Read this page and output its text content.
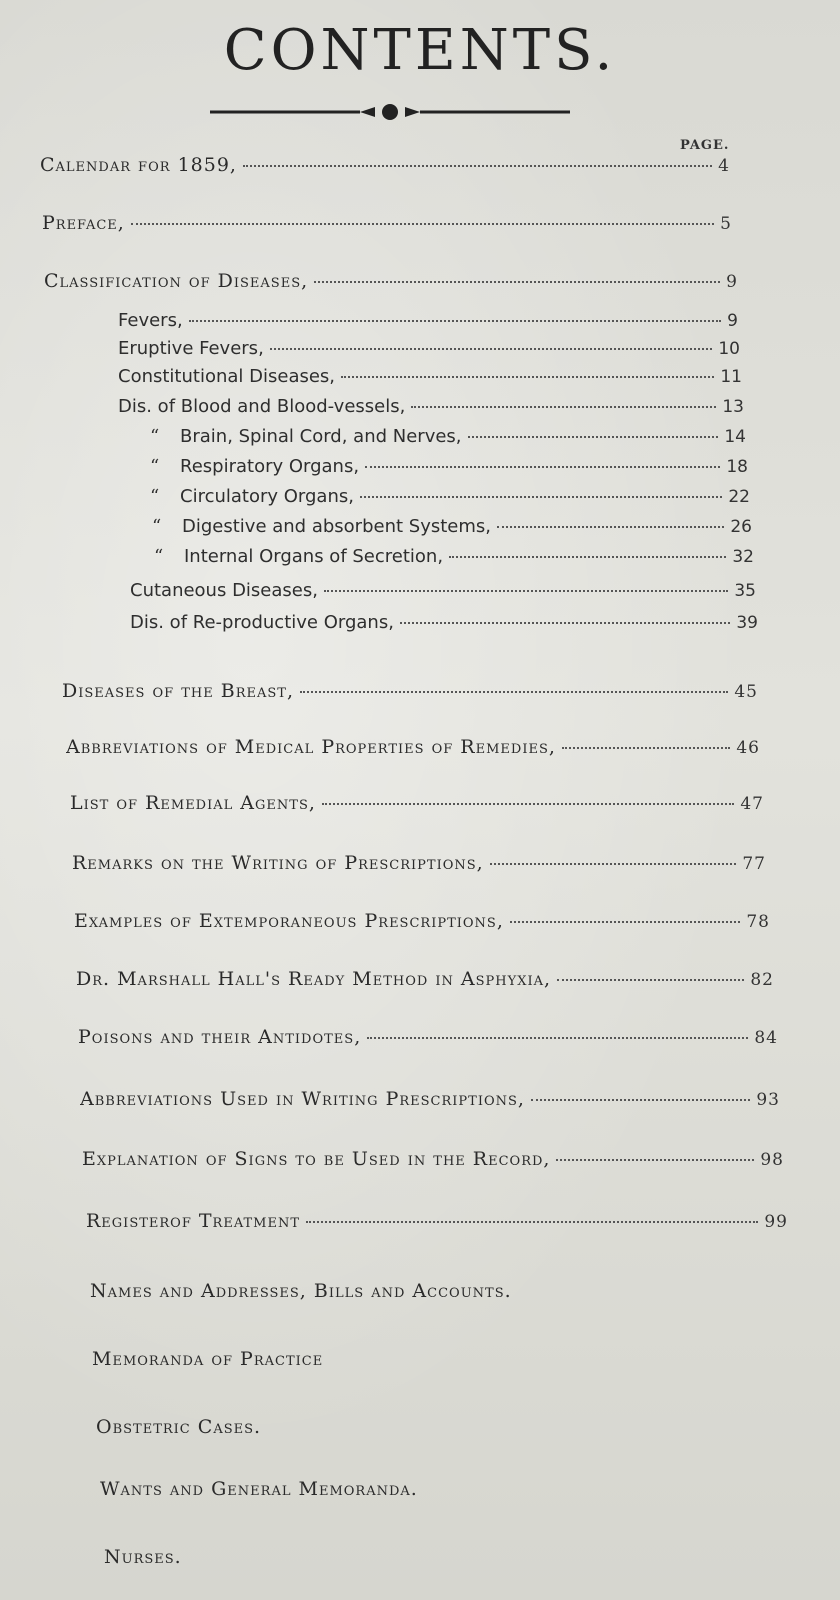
CONTENTS.
PAGE.
Calendar for 1859,	4
Preface,	5
Classification of Diseases,	9
Fevers,	9
Eruptive Fevers,	10
Constitutional Diseases,	11
Dis. of Blood and Blood-vessels,	13
“	Brain, Spinal Cord, and Nerves,	14
“	Respiratory Organs,	18
“	Circulatory Organs,	22
“	Digestive and absorbent Systems,	26
“	Internal Organs of Secretion,	32
Cutaneous Diseases,	35
Dis. of Re-productive Organs,	39
Diseases of the Breast,	45
Abbreviations of Medical Properties of Remedies,	46
List of Remedial Agents,	47
Remarks on the Writing of Prescriptions,	77
Examples of Extemporaneous Prescriptions,	78
Dr. Marshall Hall's Ready Method in Asphyxia,	82
Poisons and their Antidotes,	84
Abbreviations Used in Writing Prescriptions,	93
Explanation of Signs to be Used in the Record,	98
Registerof Treatment	99
Names and Addresses, Bills and Accounts.
Memoranda of Practice
Obstetric Cases.
Wants and General Memoranda.
Nurses.
